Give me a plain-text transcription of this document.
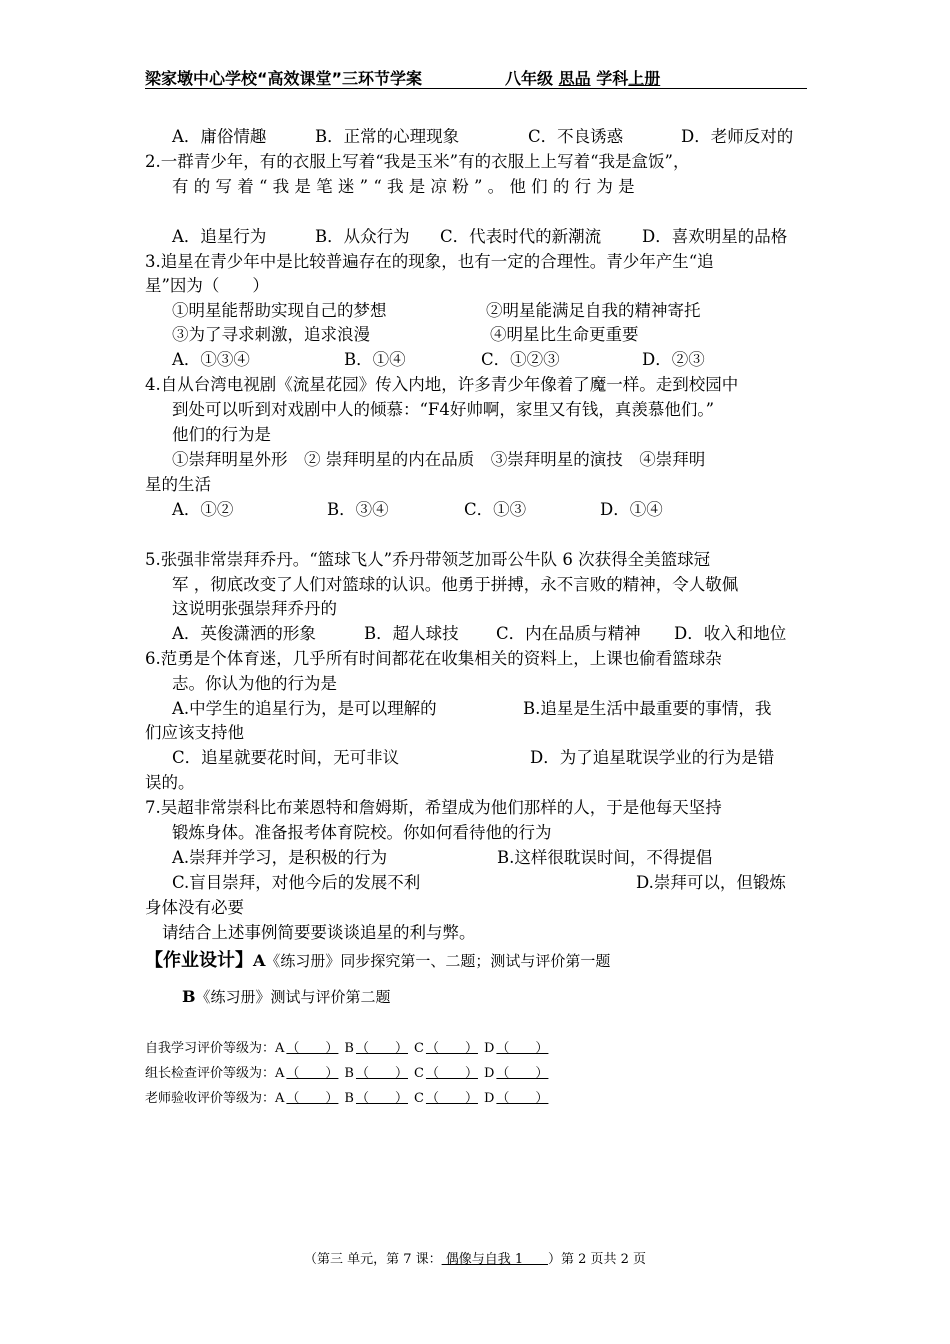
梁家墩中心学校“高效课堂”三环节学案	八年级 思品 学科上册
A．庸俗情趣	B．正常的心理现象	C．不良诱惑	D．老师反对的
2.一群青少年，有的衣服上写着“我是玉米”有的衣服上上写着“我是盒饭”，
有 的 写 着 “ 我 是 笔 迷 ” “ 我 是 凉 粉 ” 。 他 们 的 行 为 是
A．追星行为	B．从众行为 C．代表时代的新潮流 D．喜欢明星的品格
3.追星在青少年中是比较普遍存在的现象，也有一定的合理性。青少年产生“追
星”因为（　　）
①明星能帮助实现自己的梦想	②明星能满足自我的精神寄托
③为了寻求刺激，追求浪漫	④明星比生命更重要
A．①③④	B．①④	C．①②③	D．②③
4.自从台湾电视剧《流星花园》传入内地，许多青少年像着了魔一样。走到校园中
到处可以听到对戏剧中人的倾慕：“F4好帅啊，家里又有钱，真羡慕他们。”
他们的行为是
①崇拜明星外形　② 崇拜明星的内在品质　③崇拜明星的演技　④崇拜明
星的生活
A．①②	B．③④	C．①③	D．①④
5.张强非常崇拜乔丹。“篮球飞人”乔丹带领芝加哥公牛队 6 次获得全美篮球冠
军 ，彻底改变了人们对篮球的认识。他勇于拼搏，永不言败的精神，令人敬佩
这说明张强崇拜乔丹的
A．英俊潇洒的形象	B．超人球技 C．内在品质与精神 D．收入和地位
6.范勇是个体育迷，几乎所有时间都花在收集相关的资料上，上课也偷看篮球杂
志。你认为他的行为是
A.中学生的追星行为，是可以理解的	B.追星是生活中最重要的事情，我
们应该支持他
C．追星就要花时间，无可非议	D．为了追星耽误学业的行为是错
误的。
7.吴超非常崇科比布莱恩特和詹姆斯，希望成为他们那样的人，于是他每天坚持
锻炼身体。准备报考体育院校。你如何看待他的行为
A.崇拜并学习，是积极的行为	B.这样很耽误时间，不得提倡
C.盲目崇拜，对他今后的发展不利	D.崇拜可以，但锻炼
身体没有必要
请结合上述事例简要要谈谈追星的利与弊。
【作业设计】A《练习册》同步探究第一、二题；测试与评价第一题
B《练习册》测试与评价第二题
自我学习评价等级为：A （　　） B （　　） C （　　） D （　　）
组长检查评价等级为：A （　　） B （　　） C （　　） D （　　）
老师验收评价等级为：A （　　） B （　　） C （　　） D （　　）
（第三 单元，第 7 课： 偶像与自我 1      ）第 2 页共 2 页
